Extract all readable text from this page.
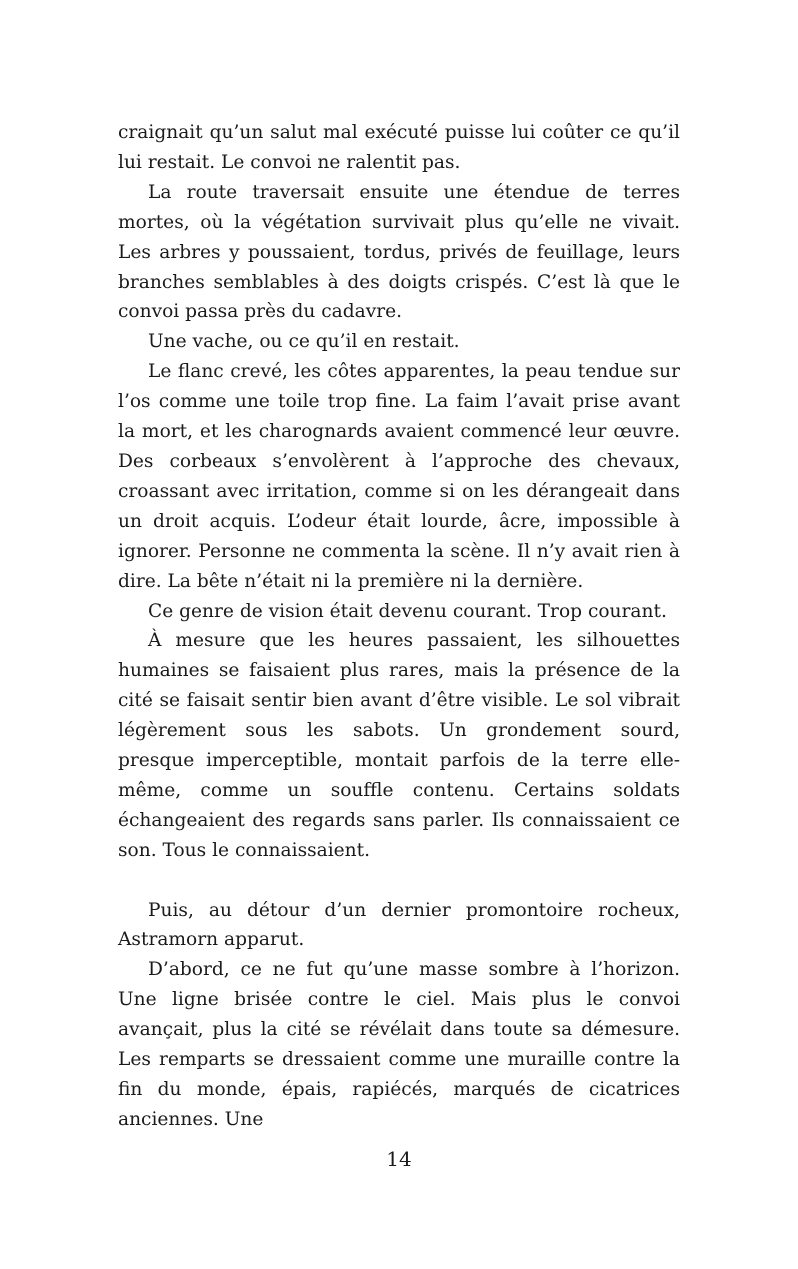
craignait qu’un salut mal exécuté puisse lui coûter ce qu’il lui restait. Le convoi ne ralentit pas.

La route traversait ensuite une étendue de terres mortes, où la végétation survivait plus qu’elle ne vivait. Les arbres y poussaient, tordus, privés de feuillage, leurs branches semblables à des doigts crispés. C’est là que le convoi passa près du cadavre.

Une vache, ou ce qu’il en restait.

Le flanc crevé, les côtes apparentes, la peau tendue sur l’os comme une toile trop fine. La faim l’avait prise avant la mort, et les charognards avaient commencé leur œuvre. Des corbeaux s’envolèrent à l’approche des chevaux, croassant avec irritation, comme si on les dérangeait dans un droit acquis. L’odeur était lourde, âcre, impossible à ignorer. Personne ne commenta la scène. Il n’y avait rien à dire. La bête n’était ni la première ni la dernière.

Ce genre de vision était devenu courant. Trop courant.

À mesure que les heures passaient, les silhouettes humaines se faisaient plus rares, mais la présence de la cité se faisait sentir bien avant d’être visible. Le sol vibrait légèrement sous les sabots. Un grondement sourd, presque imperceptible, montait parfois de la terre elle-même, comme un souffle contenu. Certains soldats échangeaient des regards sans parler. Ils connaissaient ce son. Tous le connaissaient.

Puis, au détour d’un dernier promontoire rocheux, Astramorn apparut.

D’abord, ce ne fut qu’une masse sombre à l’horizon. Une ligne brisée contre le ciel. Mais plus le convoi avançait, plus la cité se révélait dans toute sa démesure. Les remparts se dressaient comme une muraille contre la fin du monde, épais, rapiécés, marqués de cicatrices anciennes. Une

14
